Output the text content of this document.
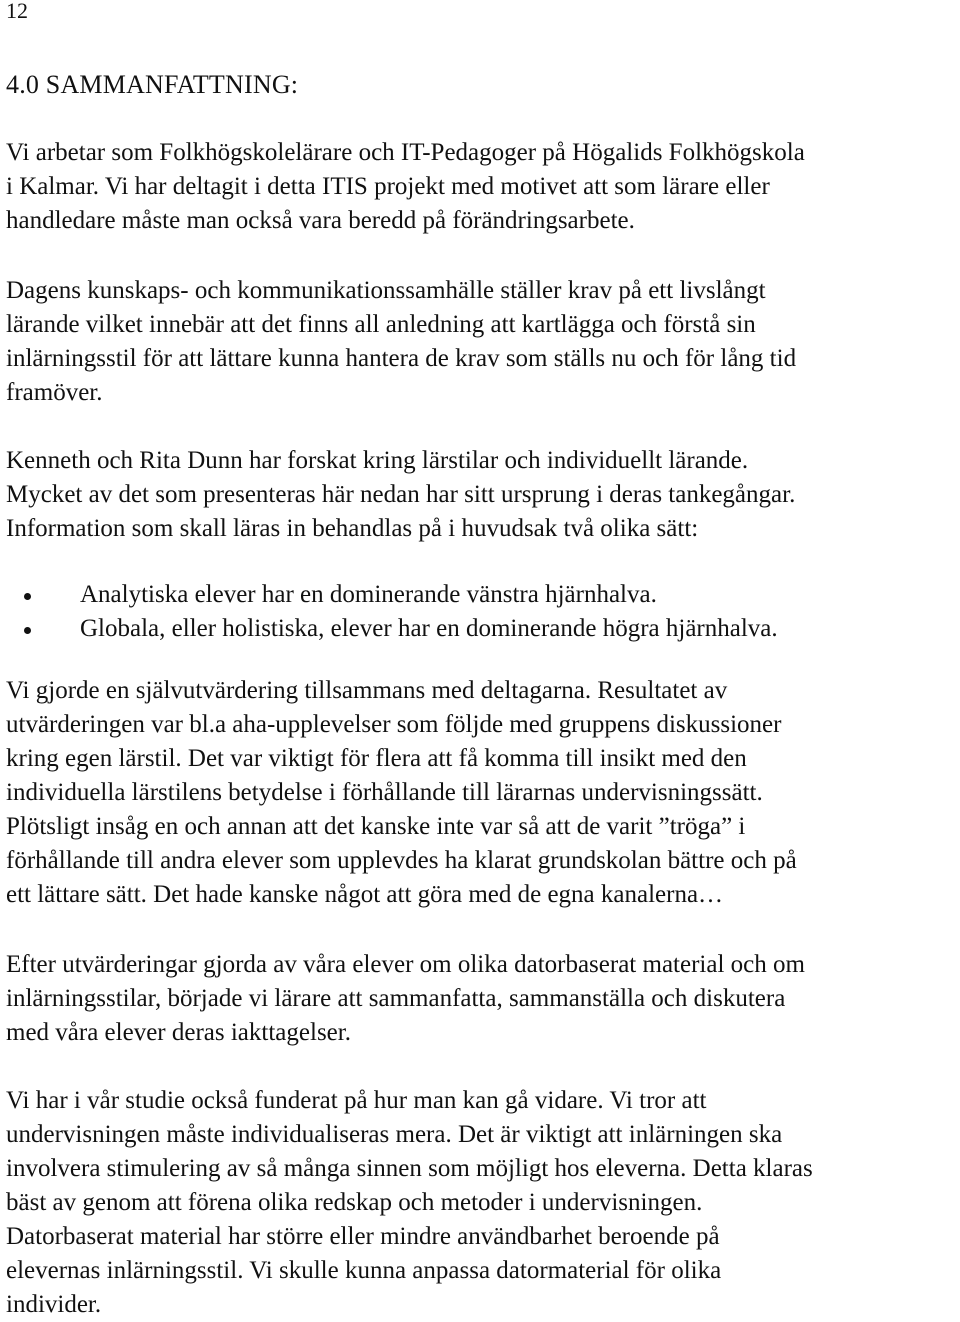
12
4.0 SAMMANFATTNING:

Vi arbetar som Folkhögskolelärare och IT-Pedagoger på Högalids Folkhögskola
i Kalmar. Vi har deltagit i detta ITIS projekt med motivet att som lärare eller
handledare måste man också vara beredd på förändringsarbete.

Dagens kunskaps- och kommunikationssamhälle ställer krav på ett livslångt
lärande vilket innebär att det finns all anledning att kartlägga och förstå sin
inlärningsstil för att lättare kunna hantera de krav som ställs nu och för lång tid
framöver.

Kenneth och Rita Dunn har forskat kring lärstilar och individuellt lärande.
Mycket av det som presenteras här nedan har sitt ursprung i deras tankegångar.
Information som skall läras in behandlas på i huvudsak två olika sätt:

Analytiska elever har en dominerande vänstra hjärnhalva.
Globala, eller holistiska, elever har en dominerande högra hjärnhalva.

Vi gjorde en självutvärdering tillsammans med deltagarna. Resultatet av
utvärderingen var bl.a aha-upplevelser som följde med gruppens diskussioner
kring egen lärstil. Det var viktigt för flera att få komma till insikt med den
individuella lärstilens betydelse i förhållande till lärarnas undervisningssätt.
Plötsligt insåg en och annan att det kanske inte var så att de varit ”tröga” i
förhållande till andra elever som upplevdes ha klarat grundskolan bättre och på
ett lättare sätt. Det hade kanske något att göra med de egna kanalerna…

Efter utvärderingar gjorda av våra elever om olika datorbaserat material och om
inlärningsstilar, började vi lärare att sammanfatta, sammanställa och diskutera
med våra elever deras iakttagelser.

Vi har i vår studie också funderat på hur man kan gå vidare. Vi tror att
undervisningen måste individualiseras mera. Det är viktigt att inlärningen ska
involvera stimulering av så många sinnen som möjligt hos eleverna. Detta klaras
bäst av genom att förena olika redskap och metoder i undervisningen.
Datorbaserat material har större eller mindre användbarhet beroende på
elevernas inlärningsstil. Vi skulle kunna anpassa datormaterial för olika
individer.
